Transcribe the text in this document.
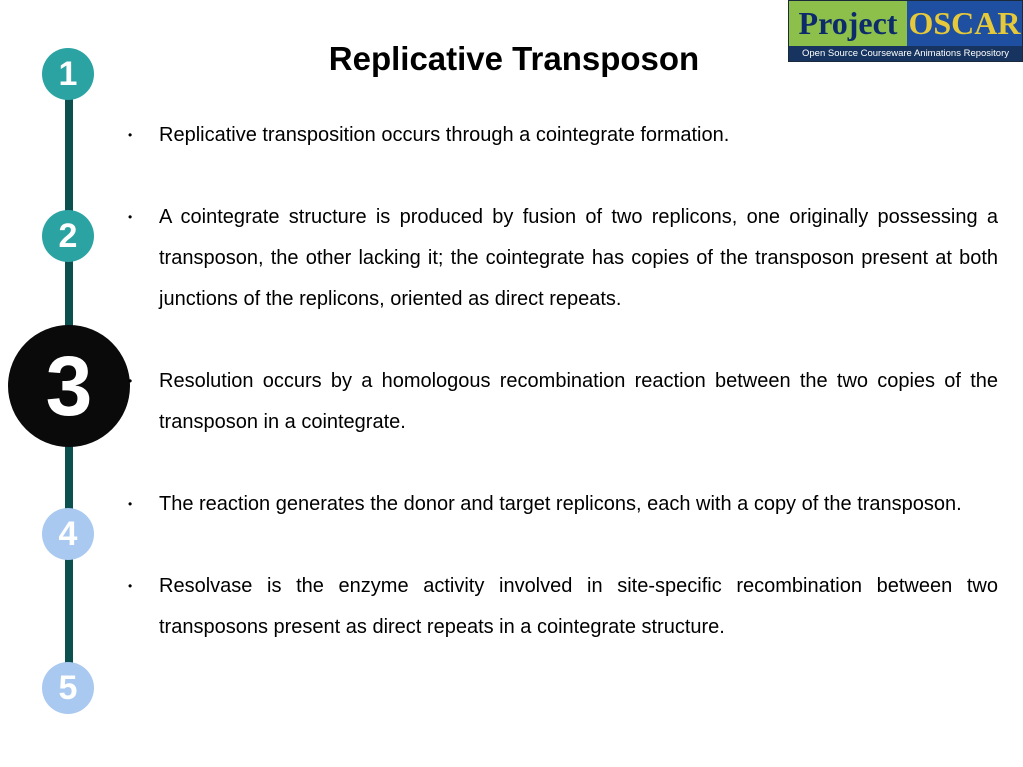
1
2
3
4
5
Replicative Transposon
Project OSCAR
Open Source Courseware Animations Repository
• Replicative transposition occurs through a cointegrate formation.
• A cointegrate structure is produced by fusion of two replicons, one originally possessing a transposon, the other lacking it; the cointegrate has copies of the transposon present at both junctions of the replicons, oriented as direct repeats.
• Resolution occurs by a homologous recombination reaction between the two copies of the transposon in a cointegrate.
• The reaction generates the donor and target replicons, each with a copy of the transposon.
• Resolvase is the enzyme activity involved in site-specific recombination between two transposons present as direct repeats in a cointegrate structure.
